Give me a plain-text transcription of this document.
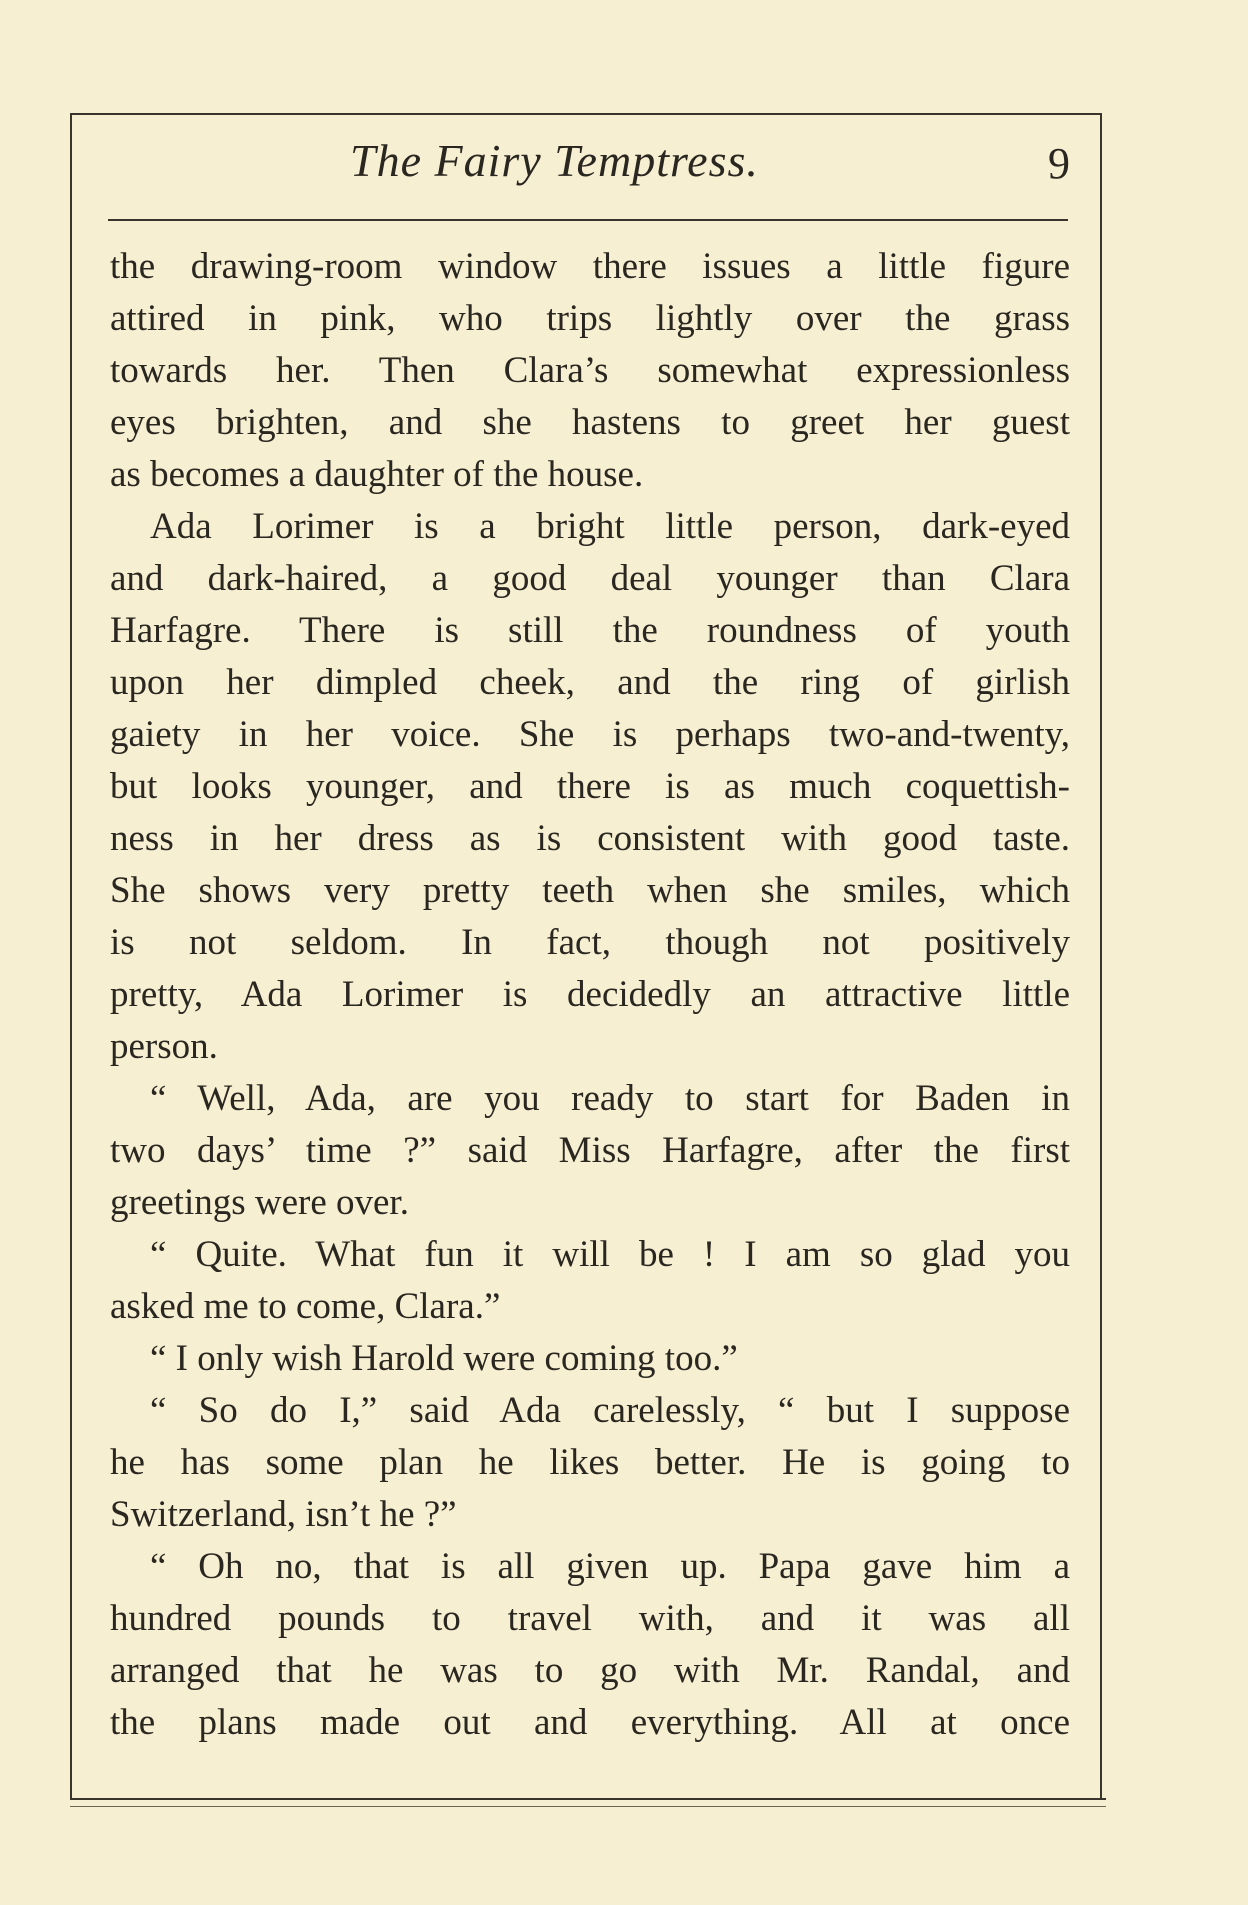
The Fairy Temptress.	9
the drawing-room window there issues a little figure
attired in pink, who trips lightly over the grass
towards her. Then Clara’s somewhat expressionless
eyes brighten, and she hastens to greet her guest
as becomes a daughter of the house.
Ada Lorimer is a bright little person, dark-eyed
and dark-haired, a good deal younger than Clara
Harfagre. There is still the roundness of youth
upon her dimpled cheek, and the ring of girlish
gaiety in her voice. She is perhaps two-and-twenty,
but looks younger, and there is as much coquettish-
ness in her dress as is consistent with good taste.
She shows very pretty teeth when she smiles, which
is not seldom. In fact, though not positively
pretty, Ada Lorimer is decidedly an attractive little
person.
“ Well, Ada, are you ready to start for Baden in
two days’ time ?” said Miss Harfagre, after the first
greetings were over.
“ Quite. What fun it will be ! I am so glad you
asked me to come, Clara.”
“ I only wish Harold were coming too.”
“ So do I,” said Ada carelessly, “ but I suppose
he has some plan he likes better. He is going to
Switzerland, isn’t he ?”
“ Oh no, that is all given up. Papa gave him a
hundred pounds to travel with, and it was all
arranged that he was to go with Mr. Randal, and
the plans made out and everything. All at once
